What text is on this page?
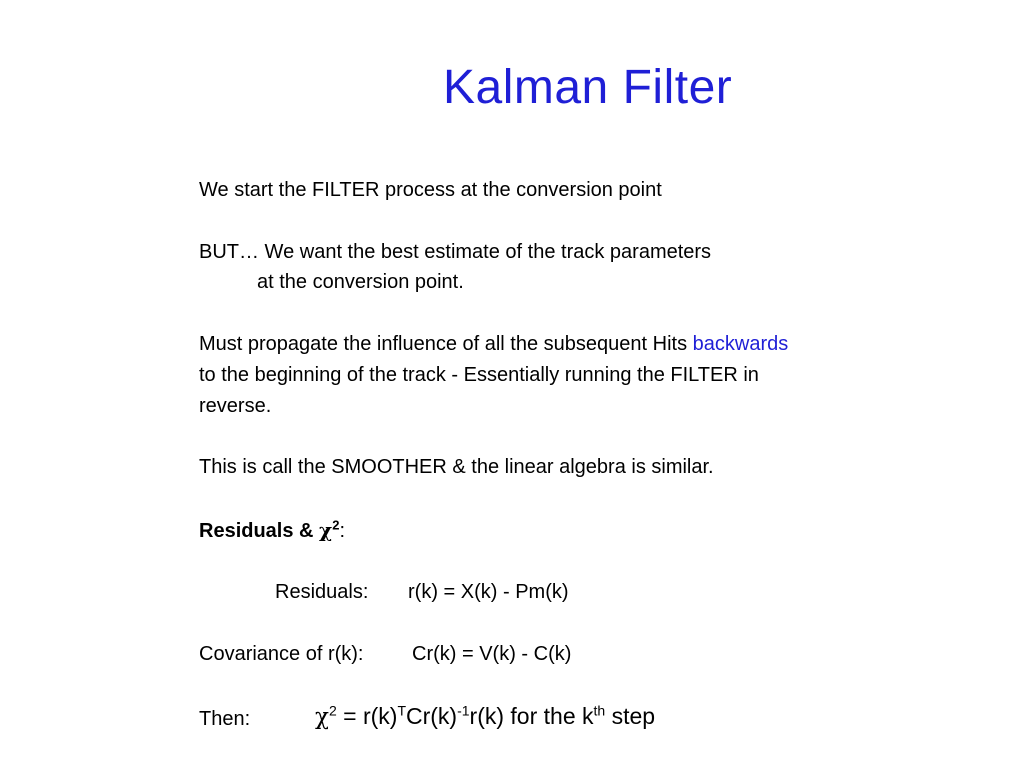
Kalman Filter
We start the FILTER process at the conversion point
BUT… We want the best estimate of the track parameters
at the conversion point.
Must propagate the influence of all the subsequent Hits backwards
to the beginning of the track - Essentially running the FILTER in
reverse.
This is call the SMOOTHER & the linear algebra is similar.
Residuals & $\chi^2$:
Residuals: r(k) = X(k) - Pm(k)
Covariance of r(k): Cr(k) = V(k) - C(k)
Then:	$\chi^2 = r(k)^TCr(k)^{-1}r(k)$ for the $k^{th}$ step
